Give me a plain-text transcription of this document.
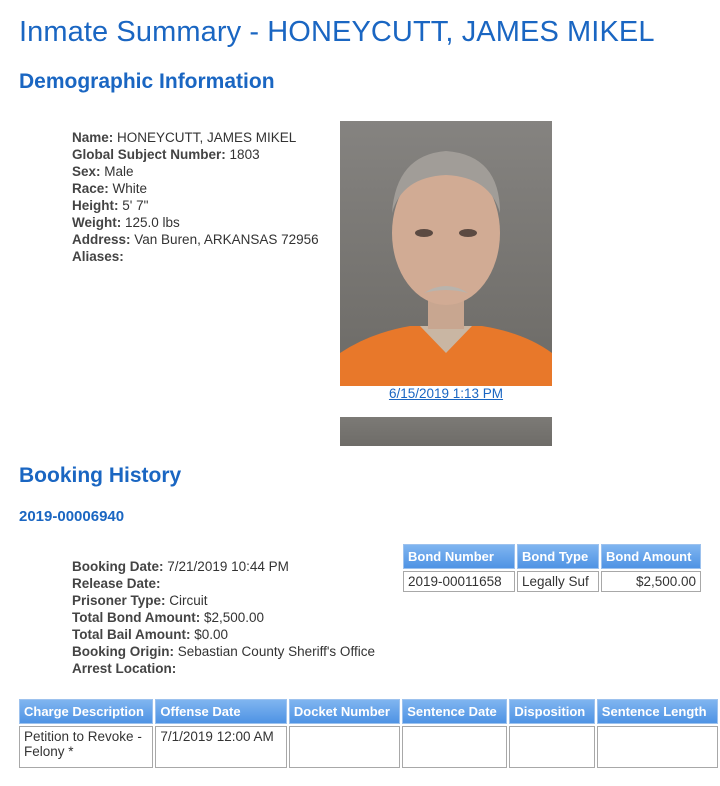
Inmate Summary - HONEYCUTT, JAMES MIKEL
Demographic Information
Name: HONEYCUTT, JAMES MIKEL
Global Subject Number: 1803
Sex: Male
Race: White
Height: 5' 7"
Weight: 125.0 lbs
Address: Van Buren, ARKANSAS 72956
Aliases:
6/15/2019 1:13 PM
Booking History
2019-00006940
Booking Date: 7/21/2019 10:44 PM
Release Date:
Prisoner Type: Circuit
Total Bond Amount: $2,500.00
Total Bail Amount: $0.00
Booking Origin: Sebastian County Sheriff's Office
Arrest Location:
Bond Number	Bond Type	Bond Amount
2019-00011658	Legally Suf	$2,500.00
Charge Description	Offense Date	Docket Number	Sentence Date	Disposition	Sentence Length
Petition to Revoke - Felony *	7/1/2019 12:00 AM				
